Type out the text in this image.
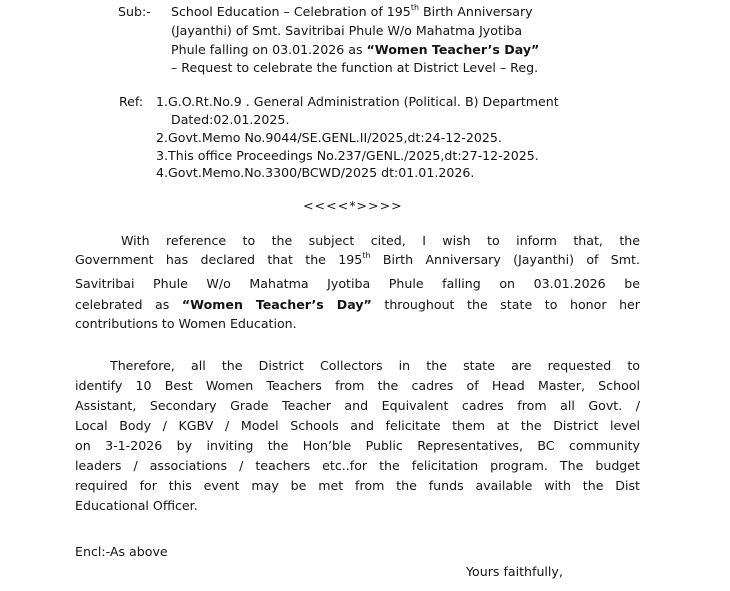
Sub:- School Education – Celebration of 195th Birth Anniversary
(Jayanthi) of Smt. Savitribai Phule W/o Mahatma Jyotiba
Phule falling on 03.01.2026 as “Women Teacher’s Day”
– Request to celebrate the function at District Level – Reg.
Ref: 1.G.O.Rt.No.9 . General Administration (Political. B) Department
Dated:02.01.2025.
2.Govt.Memo No.9044/SE.GENL.II/2025,dt:24-12-2025.
3.This office Proceedings No.237/GENL./2025,dt:27-12-2025.
4.Govt.Memo.No.3300/BCWD/2025 dt:01.01.2026.
<<<<*>>>>
With reference to the subject cited, I wish to inform that, the
Government has declared that the 195th Birth Anniversary (Jayanthi) of Smt.
Savitribai Phule W/o Mahatma Jyotiba Phule falling on 03.01.2026 be
celebrated as “Women Teacher’s Day” throughout the state to honor her
contributions to Women Education.
Therefore, all the District Collectors in the state are requested to
identify 10 Best Women Teachers from the cadres of Head Master, School
Assistant, Secondary Grade Teacher and Equivalent cadres from all Govt. /
Local Body / KGBV / Model Schools and felicitate them at the District level
on 3-1-2026 by inviting the Hon’ble Public Representatives, BC community
leaders / associations / teachers etc..for the felicitation program. The budget
required for this event may be met from the funds available with the Dist
Educational Officer.
Encl:-As above
Yours faithfully,
